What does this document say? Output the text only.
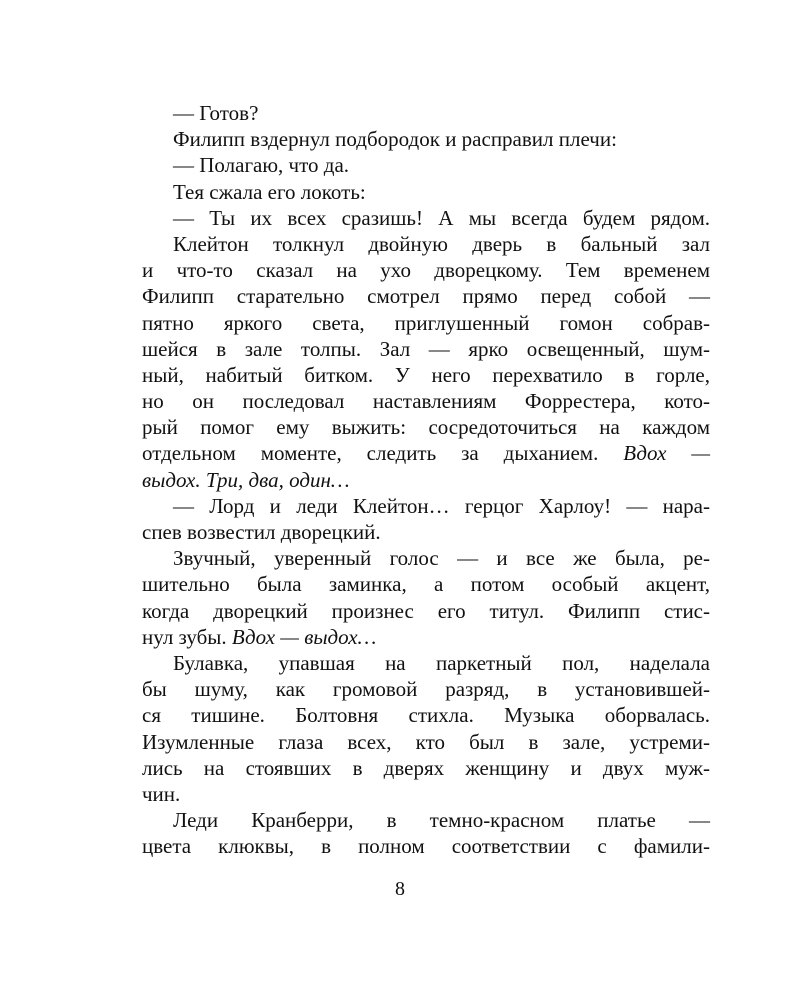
— Готов?
Филипп вздернул подбородок и расправил плечи:
— Полагаю, что да.
Тея сжала его локоть:
— Ты их всех сразишь! А мы всегда будем рядом.
Клейтон толкнул двойную дверь в бальный зал
и что-то сказал на ухо дворецкому. Тем временем
Филипп старательно смотрел прямо перед собой —
пятно яркого света, приглушенный гомон собрав-
шейся в зале толпы. Зал — ярко освещенный, шум-
ный, набитый битком. У него перехватило в горле,
но он последовал наставлениям Форрестера, кото-
рый помог ему выжить: сосредоточиться на каждом
отдельном моменте, следить за дыханием. Вдох —
выдох. Три, два, один…
— Лорд и леди Клейтон… герцог Харлоу! — нара-
спев возвестил дворецкий.
Звучный, уверенный голос — и все же была, ре-
шительно была заминка, а потом особый акцент,
когда дворецкий произнес его титул. Филипп стис-
нул зубы. Вдох — выдох…
Булавка, упавшая на паркетный пол, наделала
бы шуму, как громовой разряд, в установившей-
ся тишине. Болтовня стихла. Музыка оборвалась.
Изумленные глаза всех, кто был в зале, устреми-
лись на стоявших в дверях женщину и двух муж-
чин.
Леди Кранберри, в темно-красном платье —
цвета клюквы, в полном соответствии с фамили-
8
